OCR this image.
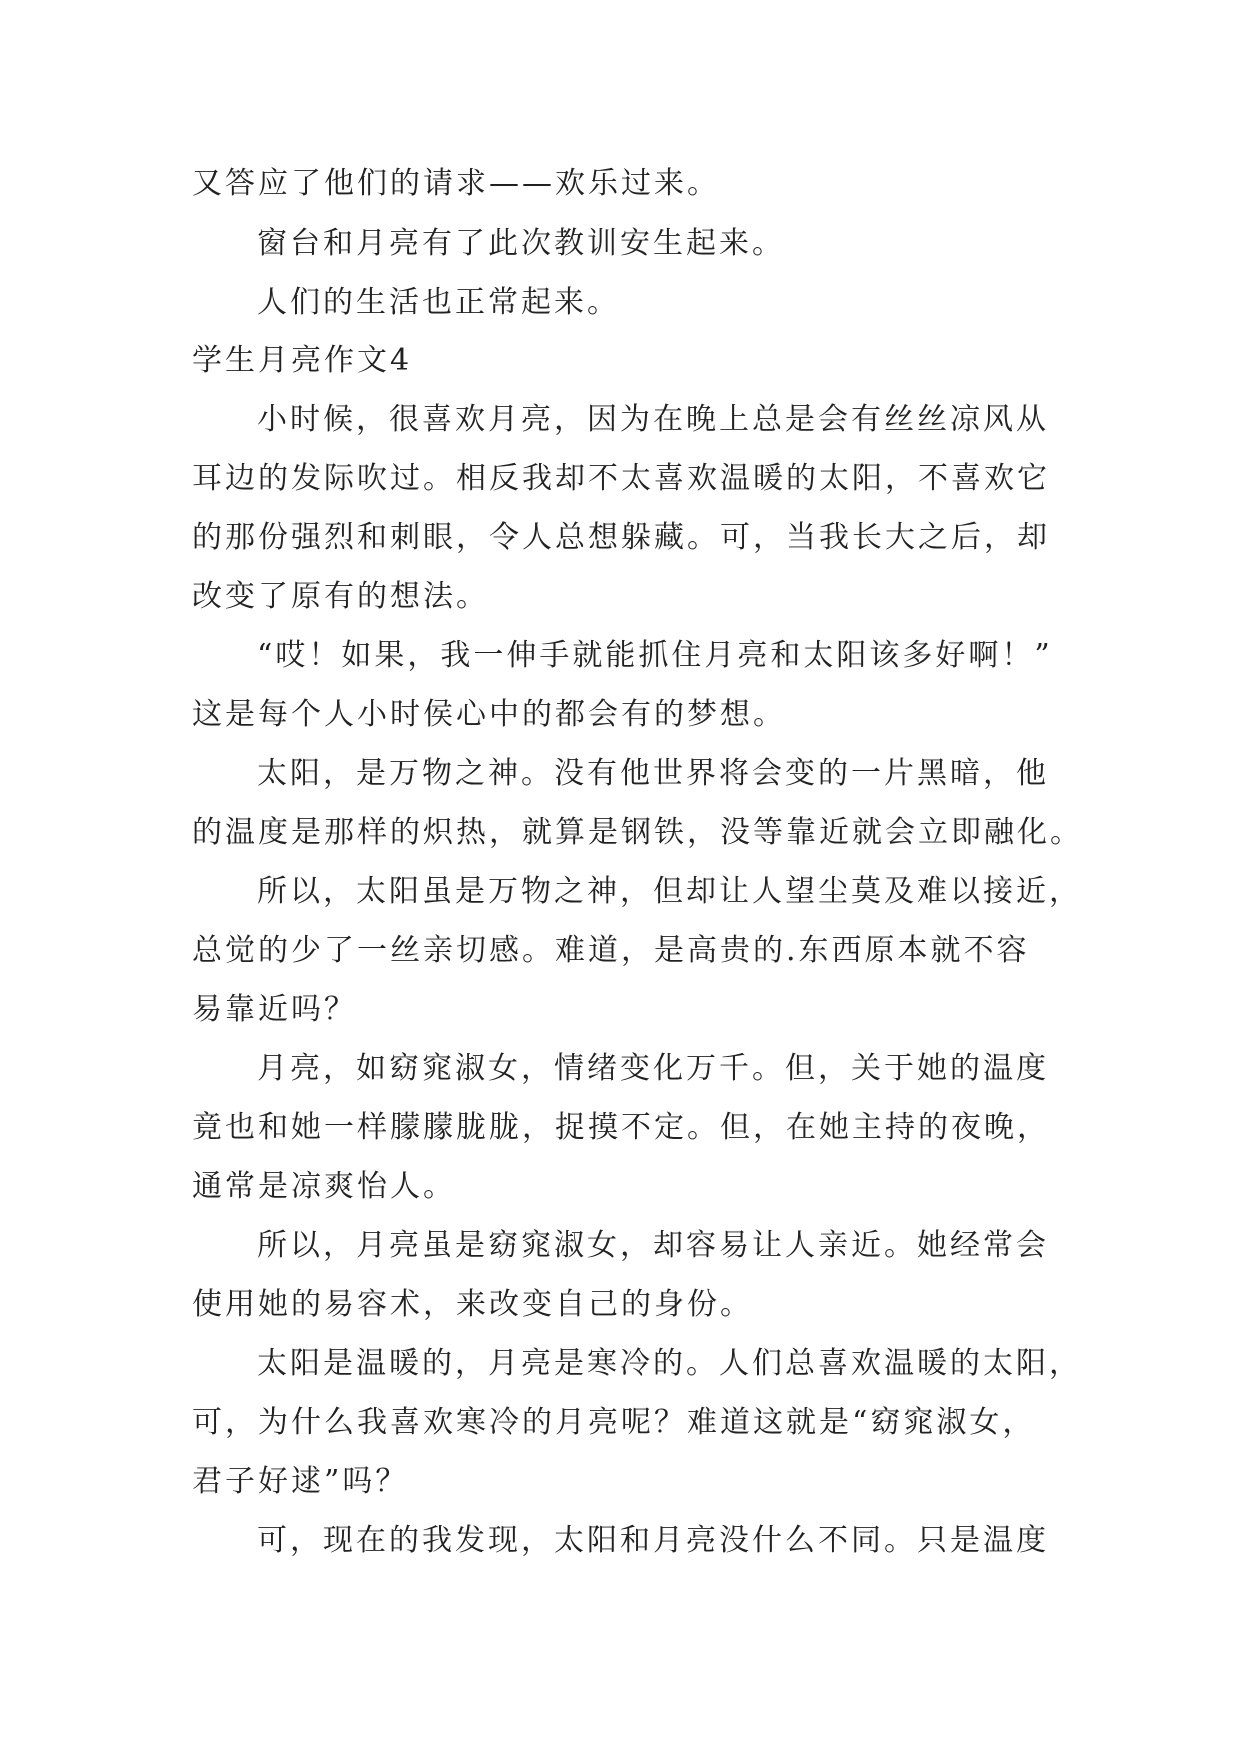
又答应了他们的请求——欢乐过来。
窗台和月亮有了此次教训安生起来。
人们的生活也正常起来。
学生月亮作文4
小时候，很喜欢月亮，因为在晚上总是会有丝丝凉风从
耳边的发际吹过。相反我却不太喜欢温暖的太阳，不喜欢它
的那份强烈和刺眼，令人总想躲藏。可，当我长大之后，却
改变了原有的想法。
“哎！如果，我一伸手就能抓住月亮和太阳该多好啊！”
这是每个人小时侯心中的都会有的梦想。
太阳，是万物之神。没有他世界将会变的一片黑暗，他
的温度是那样的炽热，就算是钢铁，没等靠近就会立即融化。
所以，太阳虽是万物之神，但却让人望尘莫及难以接近，
总觉的少了一丝亲切感。难道，是高贵的.东西原本就不容
易靠近吗？
月亮，如窈窕淑女，情绪变化万千。但，关于她的温度
竟也和她一样朦朦胧胧，捉摸不定。但，在她主持的夜晚，
通常是凉爽怡人。
所以，月亮虽是窈窕淑女，却容易让人亲近。她经常会
使用她的易容术，来改变自己的身份。
太阳是温暖的，月亮是寒冷的。人们总喜欢温暖的太阳，
可，为什么我喜欢寒冷的月亮呢？难道这就是“窈窕淑女，
君子好逑”吗？
可，现在的我发现，太阳和月亮没什么不同。只是温度
